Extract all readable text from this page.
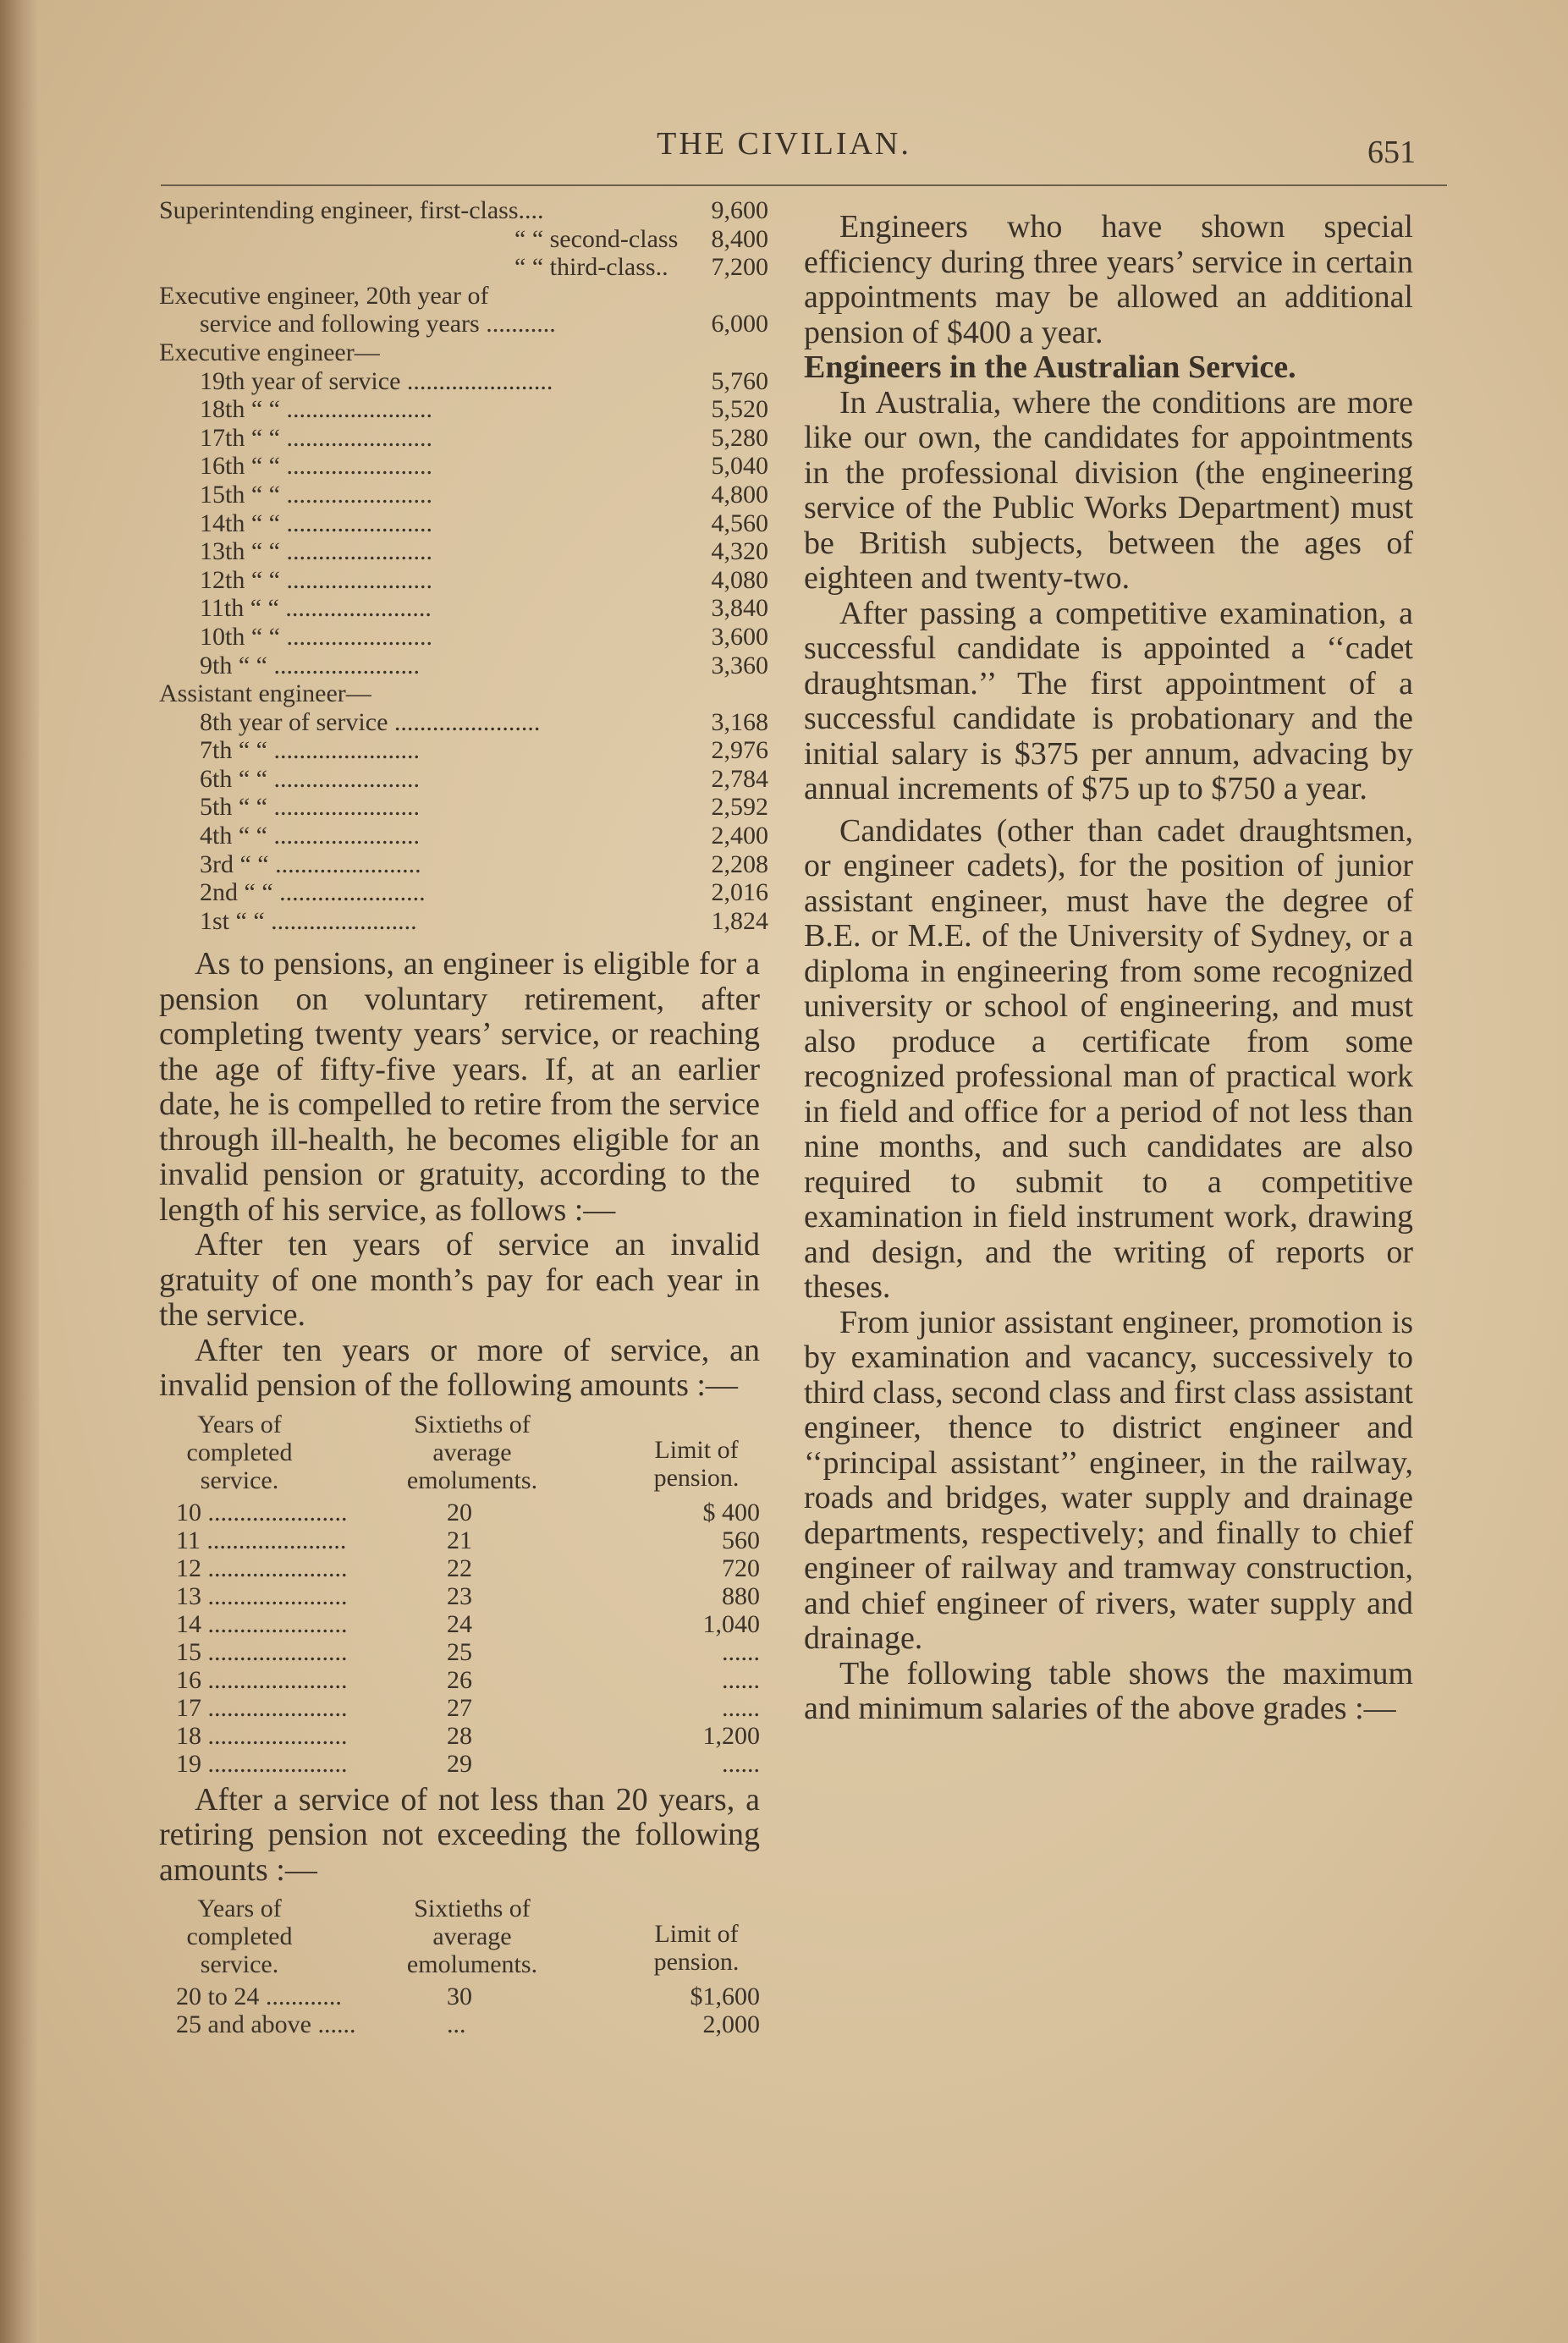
THE CIVILIAN.	651
Superintending engineer, first-class....	9,600
“ “ second-class 8,400
“ “ third-class.. 7,200
Executive engineer, 20th year of
service and following years ...........	6,000
Executive engineer—
19th year of service .......................	5,760
18th “ “ .......................	5,520
17th “ “ .......................	5,280
16th “ “ .......................	5,040
15th “ “ .......................	4,800
14th “ “ .......................	4,560
13th “ “ .......................	4,320
12th “ “ .......................	4,080
11th “ “ .......................	3,840
10th “ “ .......................	3,600
9th “ “ .......................	3,360
Assistant engineer—
8th year of service .......................	3,168
7th “ “ .......................	2,976
6th “ “ .......................	2,784
5th “ “ .......................	2,592
4th “ “ .......................	2,400
3rd “ “ .......................	2,208
2nd “ “ .......................	2,016
1st “ “ .......................	1,824

As to pensions, an engineer is eligible for a pension on voluntary retirement, after completing twenty years’ service, or reaching the age of fifty-five years. If, at an earlier date, he is compelled to retire from the service through ill-health, he becomes eligible for an invalid pension or gratuity, according to the length of his service, as follows :—

After ten years of service an invalid gratuity of one month’s pay for each year in the service.

After ten years or more of service, an invalid pension of the following amounts :—

Years of completed service.
Sixtieths of average emoluments.
Limit of pension.
10 ......................	20	$ 400
11 ......................	21	560
12 ......................	22	720
13 ......................	23	880
14 ......................	24	1,040
15 ......................	25	......
16 ......................	26	......
17 ......................	27	......
18 ......................	28	1,200
19 ......................	29	......

After a service of not less than 20 years, a retiring pension not exceeding the following amounts :—

Years of completed service.
Sixtieths of average emoluments.
Limit of pension.
20 to 24 ............	30	$1,600
25 and above ......	...	2,000

Engineers who have shown special efficiency during three years’ service in certain appointments may be allowed an additional pension of $400 a year.

Engineers in the Australian Service.

In Australia, where the conditions are more like our own, the candidates for appointments in the professional division (the engineering service of the Public Works Department) must be British subjects, between the ages of eighteen and twenty-two.

After passing a competitive examination, a successful candidate is appointed a ‘‘cadet draughtsman.’’ The first appointment of a successful candidate is probationary and the initial salary is $375 per annum, advacing by annual increments of $75 up to $750 a year.

Candidates (other than cadet draughtsmen, or engineer cadets), for the position of junior assistant engineer, must have the degree of B.E. or M.E. of the University of Sydney, or a diploma in engineering from some recognized university or school of engineering, and must also produce a certificate from some recognized professional man of practical work in field and office for a period of not less than nine months, and such candidates are also required to submit to a competitive examination in field instrument work, drawing and design, and the writing of reports or theses.

From junior assistant engineer, promotion is by examination and vacancy, successively to third class, second class and first class assistant engineer, thence to district engineer and ‘‘principal assistant’’ engineer, in the railway, roads and bridges, water supply and drainage departments, respectively; and finally to chief engineer of railway and tramway construction, and chief engineer of rivers, water supply and drainage.

The following table shows the maximum and minimum salaries of the above grades :—
